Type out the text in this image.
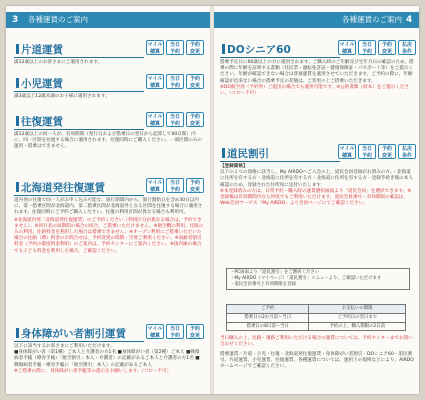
3 各種運賃のご案内
片道運賃
満12歳以上のお客さまにご適用されます。
マイル
積算
当日
予約
予約
変更
小児運賃
満3歳以上12歳未満のお子様に適用されます。
マイル
積算
当日
予約
予約
変更
往復運賃
満12歳以上の同一人が、有効期間（発行日および搭乗日の翌日から起算して90日間）内に、同一区間を往復する場合に適用されます。往復同時にご購入ください。一部区間のみの運用・搭乗はできません。
マイル
積算
当日
予約
予約
変更
北海道発往復運賃	マイル
積算
当日
予約
予約
変更
道内発の往復で同一人がお申し込み可能な、旅行期間内から、旅行開始日を含め30日以内に、第一搭乗区間が北海道内、第二搭乗区間が北海道外となる区間を往復する場合に適用されます。往復同時にご予約ご購入ください。往復の利用区間が異なる場合も利用可。
※北海道内発「北海道発往復運賃」のご予約ください（利用区分が異なる場合は、予約できません）。※同行者の同期間の場合の同合、ご搭乗いただけません。※航空機の利用、往路のみの利用、往路料金を利用した場合は搭乗できません。※オープン利用にご搭乗いただいた場合の往路（期）料金のお問合せは、予約変更の時期・空席ご利用ください。※高齢者割引料金（予約の都度料金利用）のご案内は、予約センターにご案内ください。※国内線の場合でも子ども料金を利用した場合、ご確認ください。
身体障がい者割引運賃	マイル
積算
当日
予約
予約
変更
以下に該当するお客さまにご利用いただけます。
■身体障がい者（第1種）ご本人と介護者の方1名 ■身体障がい者（第2種）ご本人 ■戦傷病者手帳（療育手帳）「航空割引」本人・介護者）の記載があるご本人と介護者の方1名 ■戦傷病者手帳・療育手帳に「航空割引」本人）の記載があるご本人
※ご搭乗の際に、身体障がい者手帳等の提示をお願いします。（コピー不可）
各種運賃のご案内 4
DOシニア60	マイル
積算
当日
予約
予約
変更
払戻
条件
搭乗予定日に60歳以上の方に適用されます。ご購入時のご年齢及び生年月日の確認のため、搭乗の際に年齢を証明する書類（住民票・運転免許証・健康保険証・パスポート等）をご提示ください。年齢が確認できない場合は普通運賃を適用させていただきます。ご予約の際に、年齢確認が出来ない場合の搭乗予定の差額は、ご変更の上ご搭乗いただきます。
※DO航空券（予約券）ご提出の場合でも適用可能です。※公的書類（原本）をご提示ください。（コピー不可）
道民割引	マイル
積算
当日
予約
予約
変更
払戻
条件
【登録資格】
以下の２つの資格に該当し、My AIRDOへご入会の上、道民会員登録がお済みの方。・北海道に住所を有する方・北海道に住所を有する方・北海道に住所を有する方・登録手続き後の本人確認のため、登録された住所宛に送付いたします
※本登録済みの方は、日常予約・購入時の運賃選択画面より「道民会員」を選択できます。※登録後は有効期間内なら何度でもご利用いただけます。道民会員番号・有効期限の確認は、Web会員サービス「My AIRDO」より会員ページにてご確認ください。
・PC画面より「道民割引」をご選択ください
・My AIRDO（マイページ）「道民割引」メニューより、ご確認いただけます
・道民会員番号と有効期限を登録
ご予約	お支払いの期限
搭乗日の2か月前～当日	ご予約日の翌日まで
搭乗日の8日前～当日	予約の上、購入期限の2日前
当日購入の上、往路・復路ご利用いただける場合の運賃については、予約センターまでお問い合わせください。
搭乗運賃／片道・小児・往復・北海道発往復運賃・身体障がい者割引・DOシニア60・道民割引。片道運賃、小児運賃、往復運賃、各種運賃については、運用上の規則などにより、AIRDOホームページでご確認ください。
